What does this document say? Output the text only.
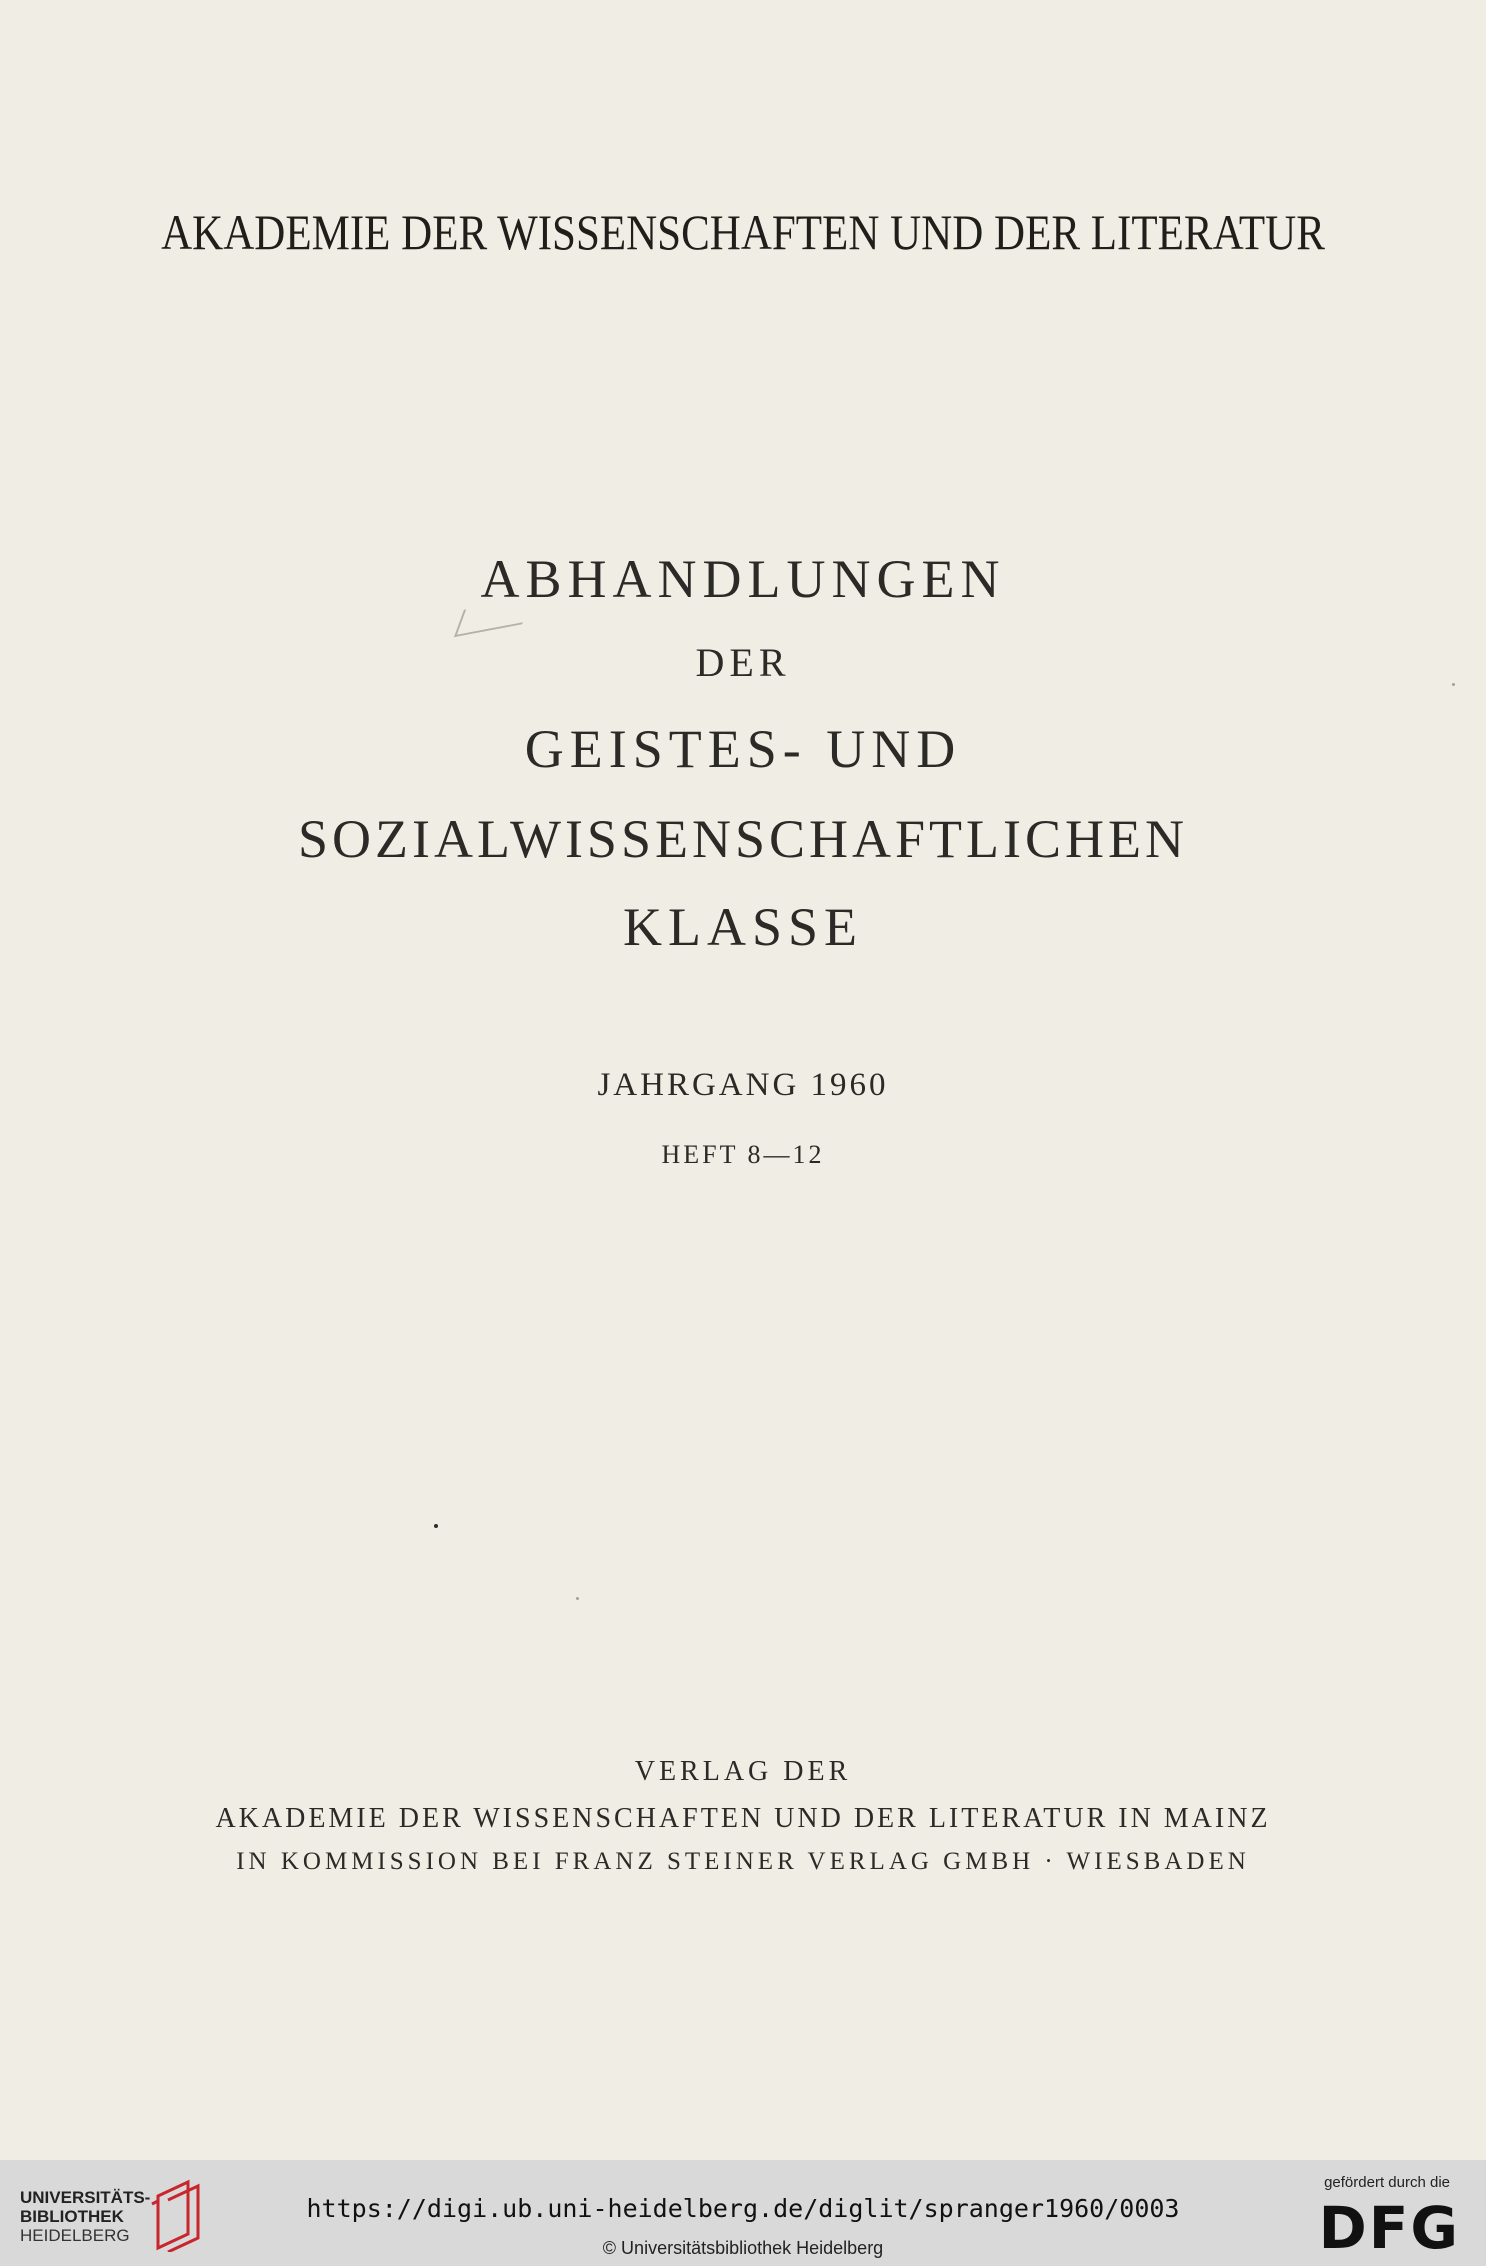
AKADEMIE DER WISSENSCHAFTEN UND DER LITERATUR
ABHANDLUNGEN
DER
GEISTES- UND
SOZIALWISSENSCHAFTLICHEN
KLASSE
JAHRGANG 1960
HEFT 8—12
VERLAG DER
AKADEMIE DER WISSENSCHAFTEN UND DER LITERATUR IN MAINZ
IN KOMMISSION BEI FRANZ STEINER VERLAG GMBH · WIESBADEN
UNIVERSITÄTS-
BIBLIOTHEK
HEIDELBERG
https://digi.ub.uni-heidelberg.de/diglit/spranger1960/0003
© Universitätsbibliothek Heidelberg
gefördert durch die
DFG
